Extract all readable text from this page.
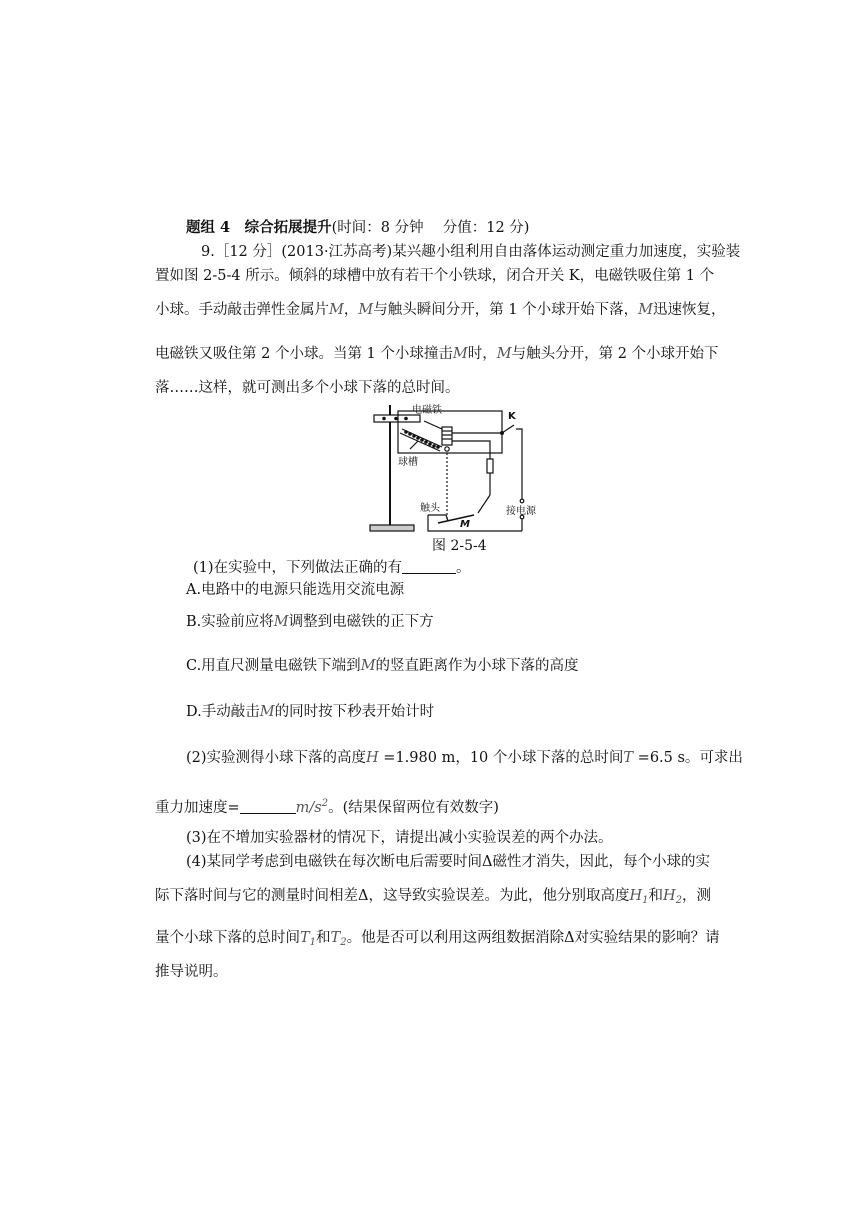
题组 4　综合拓展提升(时间：8 分钟　 分值：12 分)
9.［12 分］(2013·江苏高考)某兴趣小组利用自由落体运动测定重力加速度，实验装
置如图 2-5-4 所示。倾斜的球槽中放有若干个小铁球，闭合开关 K，电磁铁吸住第 1 个
小球。手动敲击弹性金属片M，M与触头瞬间分开，第 1 个小球开始下落，M迅速恢复，
电磁铁又吸住第 2 个小球。当第 1 个小球撞击M时，M与触头分开，第 2 个小球开始下
落……这样，就可测出多个小球下落的总时间。
电磁铁
K
球槽
触头
M
接电源
图 2-5-4
(1)在实验中，下列做法正确的有	。
A.电路中的电源只能选用交流电源
B.实验前应将M调整到电磁铁的正下方
C.用直尺测量电磁铁下端到M的竖直距离作为小球下落的高度
D.手动敲击M的同时按下秒表开始计时
(2)实验测得小球下落的高度H =1.980 m，10 个小球下落的总时间T =6.5 s。可求出
重力加速度=	$m/s^2$。(结果保留两位有效数字)
(3)在不增加实验器材的情况下，请提出减小实验误差的两个办法。
(4)某同学考虑到电磁铁在每次断电后需要时间Δ磁性才消失，因此，每个小球的实
际下落时间与它的测量时间相差Δ，这导致实验误差。为此，他分别取高度$H_1$和$H_2$，测
量个小球下落的总时间$T_1$和$T_2$。他是否可以利用这两组数据消除Δ对实验结果的影响？请
推导说明。
